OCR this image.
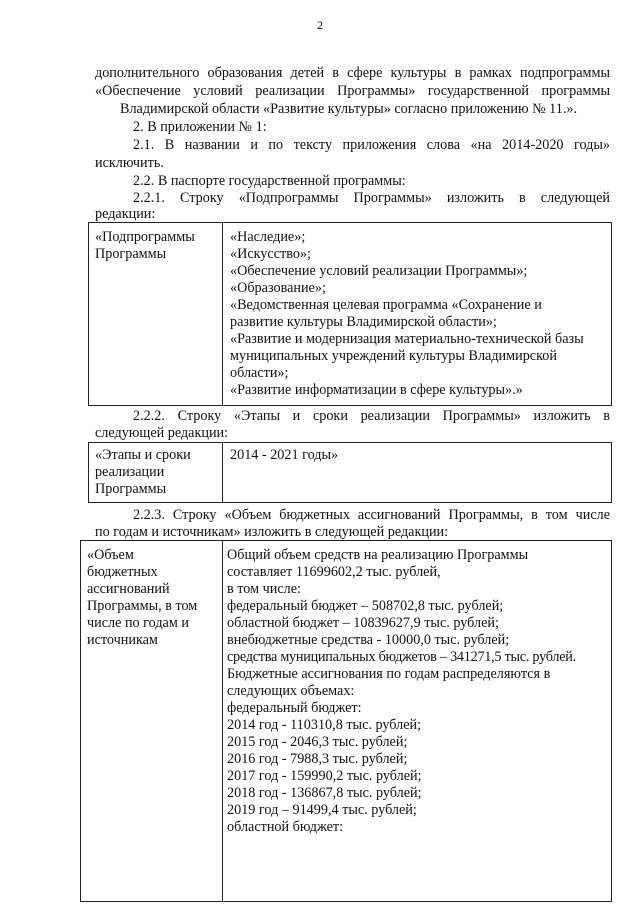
2
дополнительного образования детей в сфере культуры в рамках подпрограммы
«Обеспечение условий реализации Программы» государственной программы
Владимирской области «Развитие культуры» согласно приложению № 11.».
2. В приложении № 1:
2.1. В названии и по тексту приложения слова «на 2014-2020 годы»
исключить.
2.2. В паспорте государственной программы:
2.2.1. Строку «Подпрограммы Программы» изложить в следующей
редакции:
«Подпрограммы
Программы
«Наследие»;
«Искусство»;
«Обеспечение условий реализации Программы»;
«Образование»;
«Ведомственная целевая программа «Сохранение и
развитие культуры Владимирской области»;
«Развитие и модернизация материально-технической базы
муниципальных учреждений культуры Владимирской
области»;
«Развитие информатизации в сфере культуры».»
2.2.2. Строку «Этапы и сроки реализации Программы» изложить в
следующей редакции:
«Этапы и сроки
реализации
Программы
2014 - 2021 годы»
2.2.3. Строку «Объем бюджетных ассигнований Программы, в том числе
по годам и источникам» изложить в следующей редакции:
«Объем
бюджетных
ассигнований
Программы, в том
числе по годам и
источникам
Общий объем средств на реализацию Программы
составляет 11699602,2 тыс. рублей,
в том числе:
федеральный бюджет – 508702,8 тыс. рублей;
областной бюджет – 10839627,9 тыс. рублей;
внебюджетные средства - 10000,0 тыс. рублей;
средства муниципальных бюджетов – 341271,5 тыс. рублей.
Бюджетные ассигнования по годам распределяются в
следующих объемах:
федеральный бюджет:
2014 год - 110310,8 тыс. рублей;
2015 год - 2046,3 тыс. рублей;
2016 год - 7988,3 тыс. рублей;
2017 год - 159990,2 тыс. рублей;
2018 год - 136867,8 тыс. рублей;
2019 год – 91499,4 тыс. рублей;
областной бюджет:
